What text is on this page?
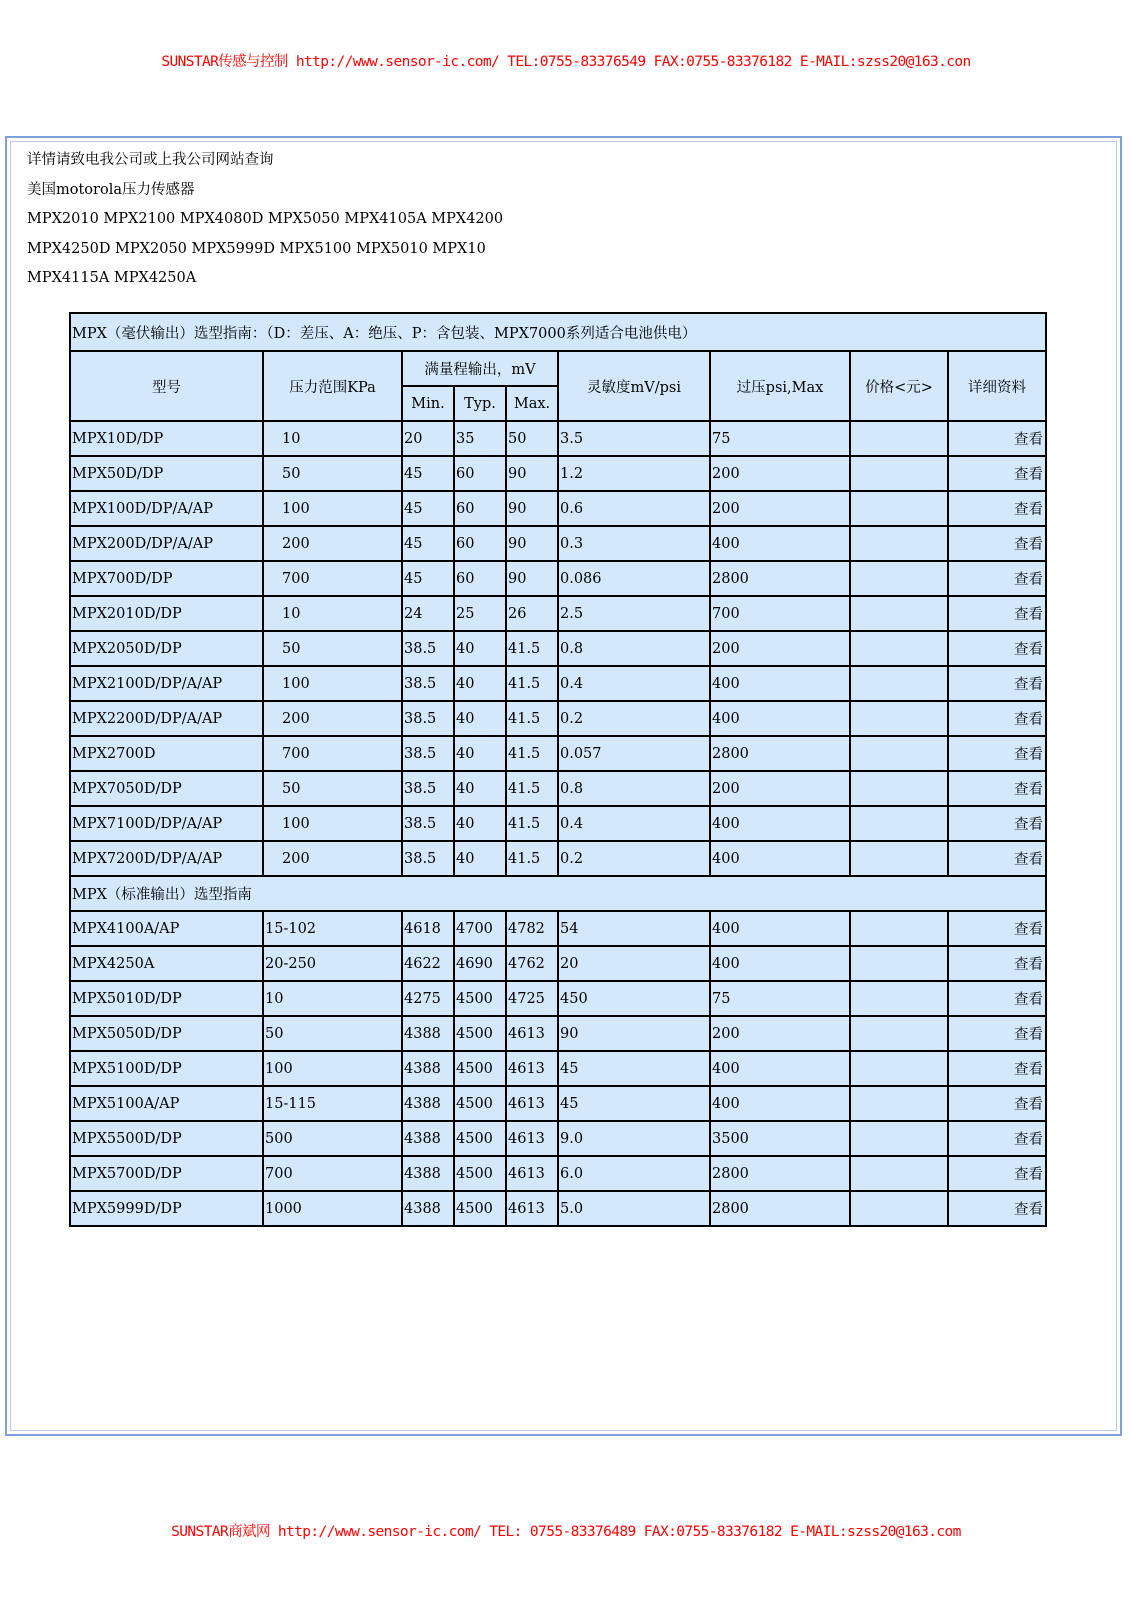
SUNSTAR传感与控制 http://www.sensor-ic.com/ TEL:0755-83376549 FAX:0755-83376182 E-MAIL:szss20@163.con
详情请致电我公司或上我公司网站查询
美国motorola压力传感器
MPX2010 MPX2100 MPX4080D MPX5050 MPX4105A MPX4200
MPX4250D MPX2050 MPX5999D MPX5100 MPX5010 MPX10
MPX4115A MPX4250A
MPX（毫伏输出）选型指南：（D：差压、A：绝压、P：含包装、MPX7000系列适合电池供电）								
型号	压力范围KPa	满量程输出，mV			灵敏度mV/psi	过压psi,Max	价格<元>	详细资料
		Min.	Typ.	Max.				
MPX10D/DP	10	20	35	50	3.5	75		查看
MPX50D/DP	50	45	60	90	1.2	200		查看
MPX100D/DP/A/AP	100	45	60	90	0.6	200		查看
MPX200D/DP/A/AP	200	45	60	90	0.3	400		查看
MPX700D/DP	700	45	60	90	0.086	2800		查看
MPX2010D/DP	10	24	25	26	2.5	700		查看
MPX2050D/DP	50	38.5	40	41.5	0.8	200		查看
MPX2100D/DP/A/AP	100	38.5	40	41.5	0.4	400		查看
MPX2200D/DP/A/AP	200	38.5	40	41.5	0.2	400		查看
MPX2700D	700	38.5	40	41.5	0.057	2800		查看
MPX7050D/DP	50	38.5	40	41.5	0.8	200		查看
MPX7100D/DP/A/AP	100	38.5	40	41.5	0.4	400		查看
MPX7200D/DP/A/AP	200	38.5	40	41.5	0.2	400		查看
MPX（标准输出）选型指南								
MPX4100A/AP	15-102	4618	4700	4782	54	400		查看
MPX4250A	20-250	4622	4690	4762	20	400		查看
MPX5010D/DP	10	4275	4500	4725	450	75		查看
MPX5050D/DP	50	4388	4500	4613	90	200		查看
MPX5100D/DP	100	4388	4500	4613	45	400		查看
MPX5100A/AP	15-115	4388	4500	4613	45	400		查看
MPX5500D/DP	500	4388	4500	4613	9.0	3500		查看
MPX5700D/DP	700	4388	4500	4613	6.0	2800		查看
MPX5999D/DP	1000	4388	4500	4613	5.0	2800		查看
SUNSTAR商斌网 http://www.sensor-ic.com/ TEL: 0755-83376489 FAX:0755-83376182 E-MAIL:szss20@163.com
